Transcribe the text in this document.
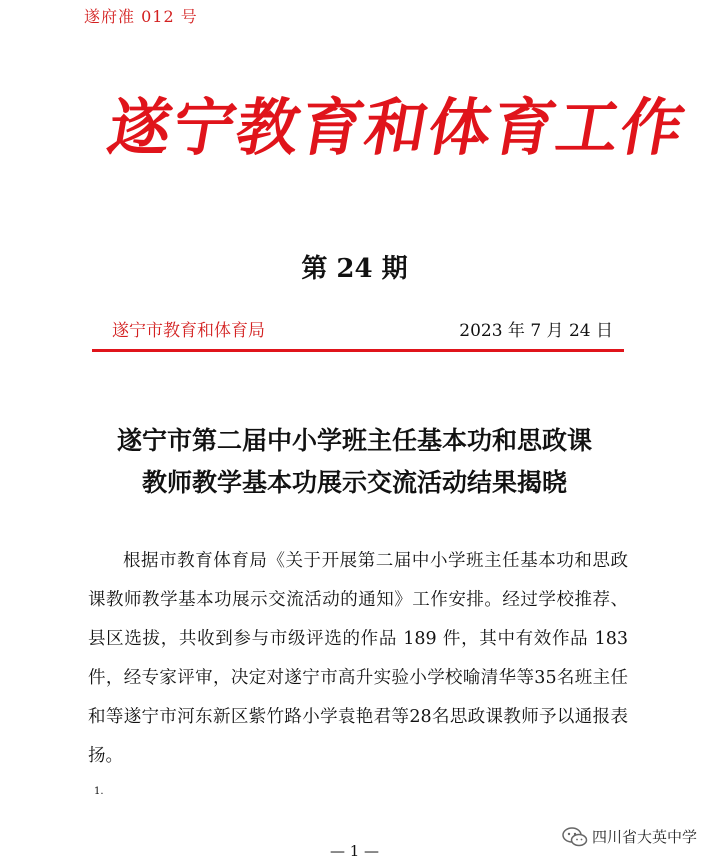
遂府准 012 号
遂宁教育和体育工作
第 24 期
遂宁市教育和体育局	2023 年 7 月 24 日
遂宁市第二届中小学班主任基本功和思政课
教师教学基本功展示交流活动结果揭晓

根据市教育体育局《关于开展第二届中小学班主任基本功和思政课教师教学基本功展示交流活动的通知》工作安排。经过学校推荐、县区选拔，共收到参与市级评选的作品 189 件，其中有效作品 183 件，经专家评审，决定对遂宁市高升实验小学校喻清华等35名班主任和等遂宁市河东新区紫竹路小学袁艳君等28名思政课教师予以通报表扬。

1.
四川省大英中学
— 1 —
